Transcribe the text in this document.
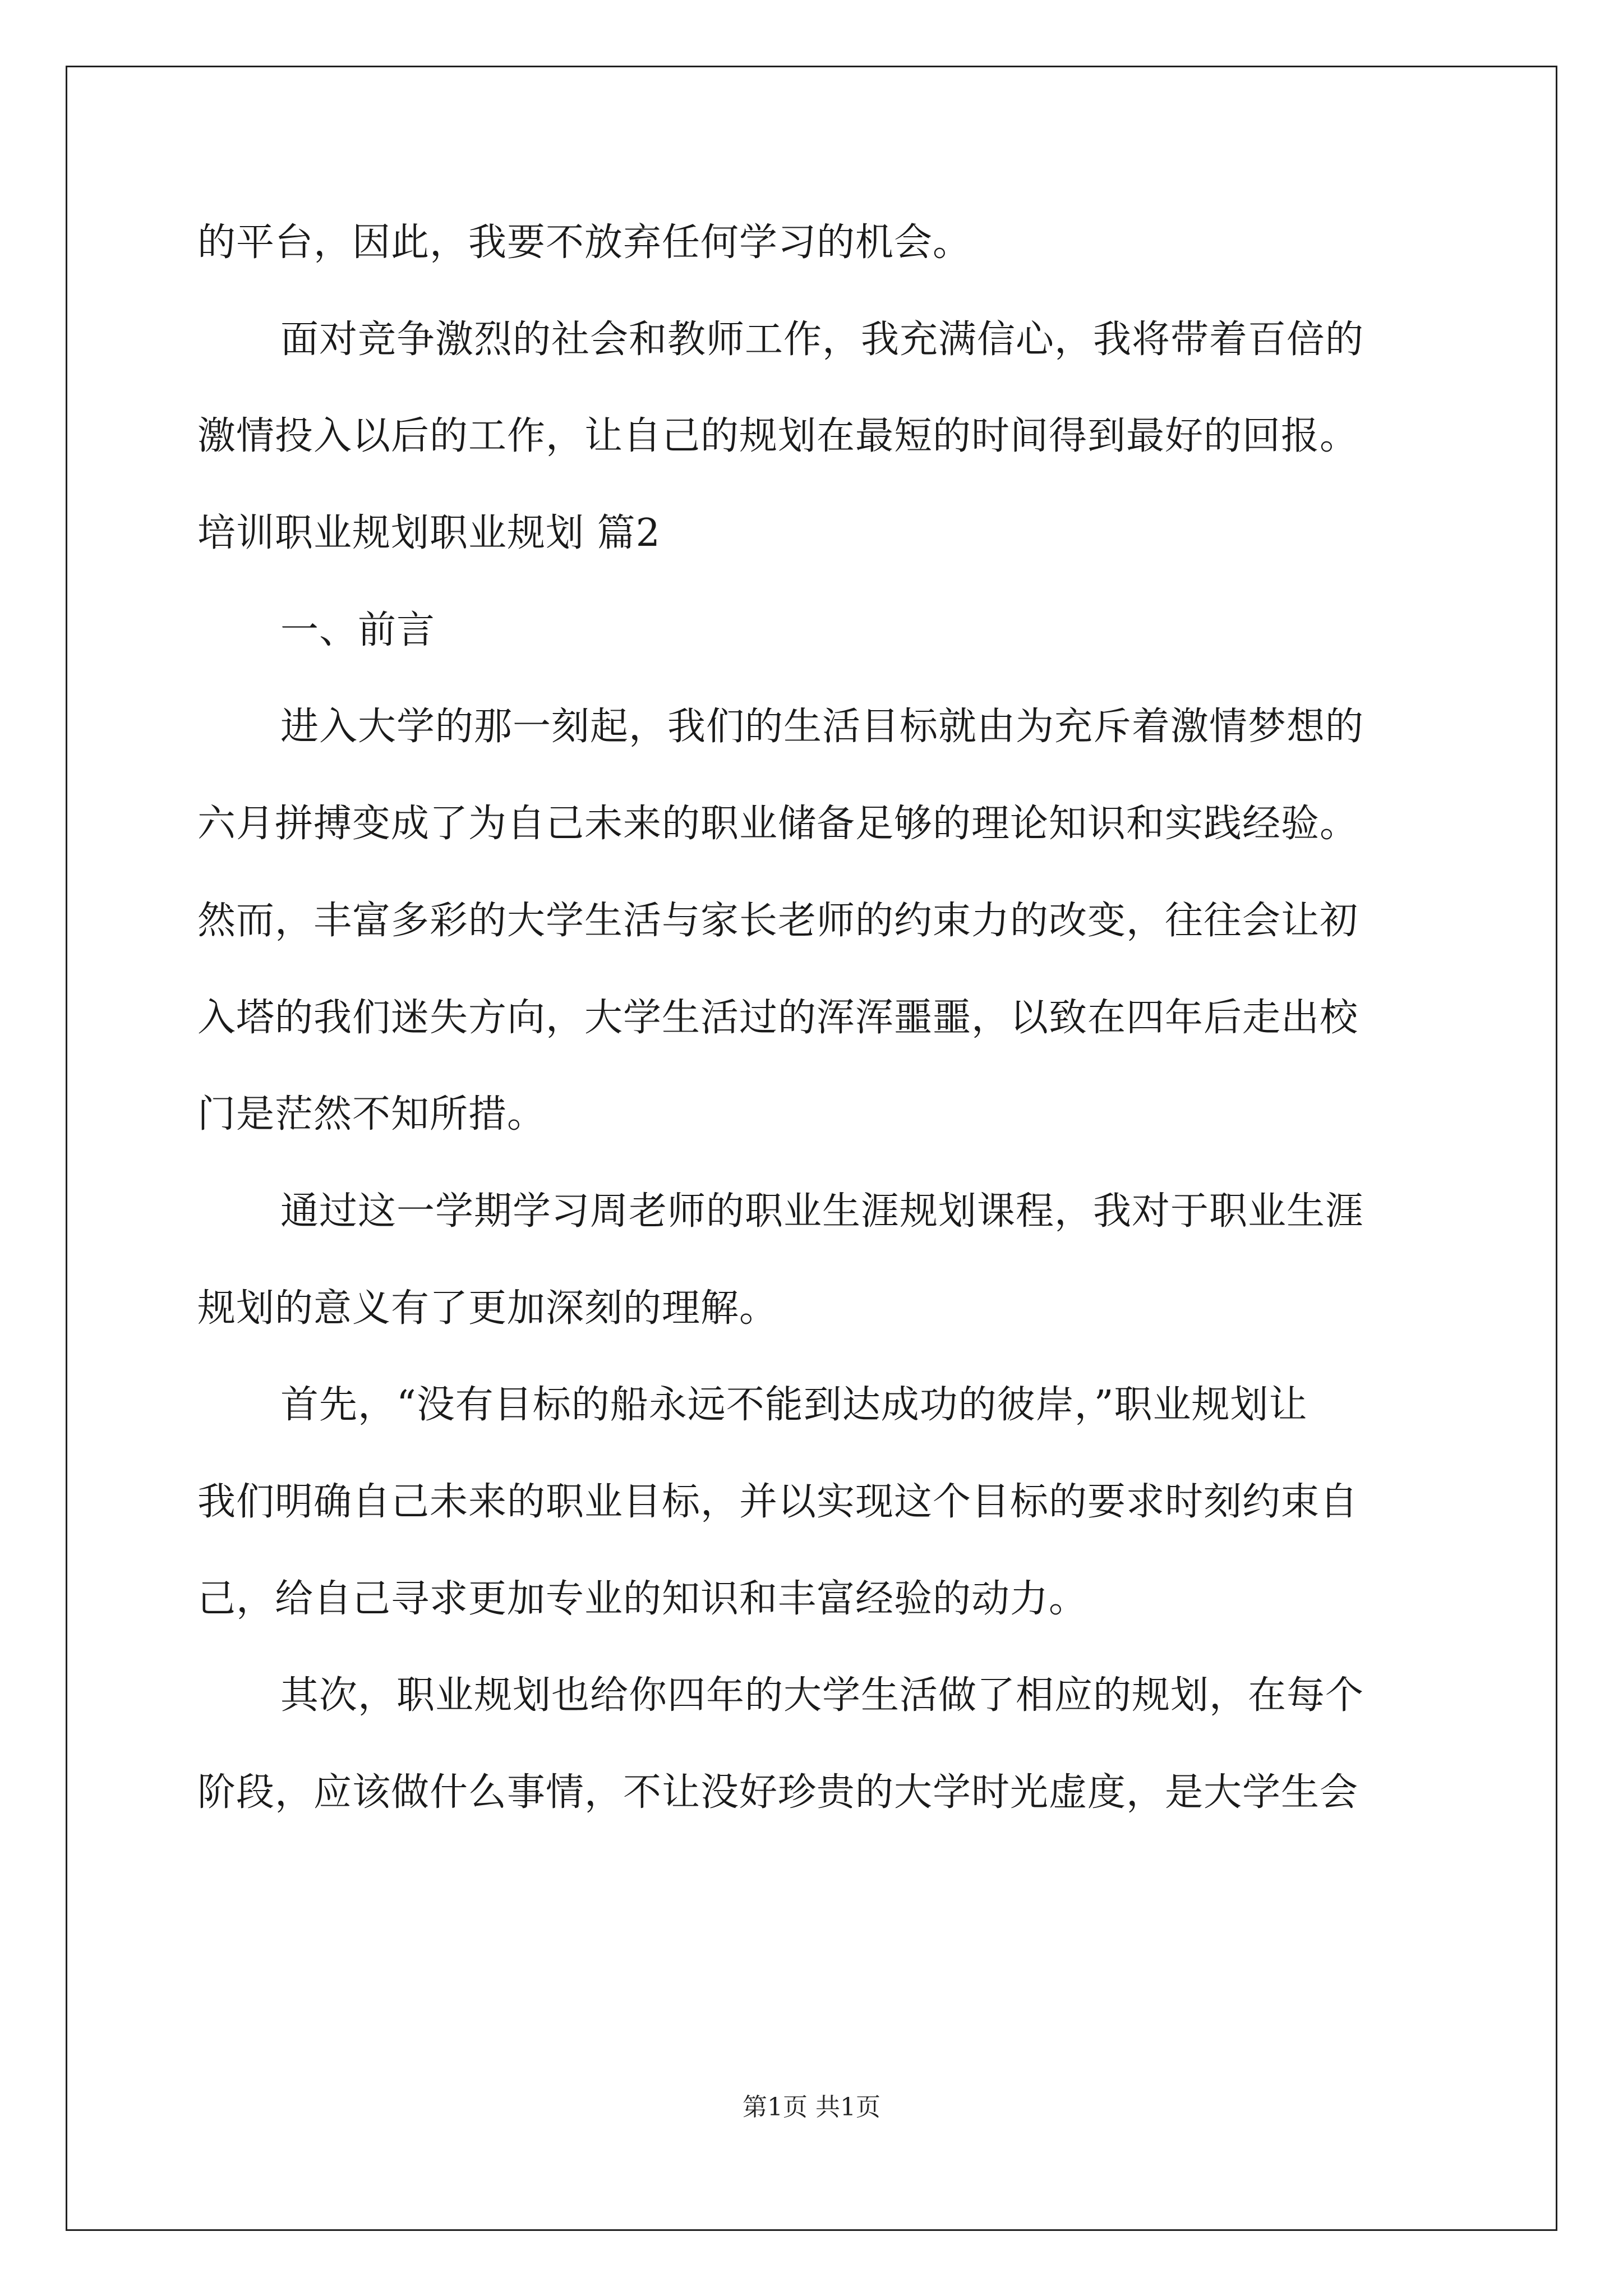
的平台，因此，我要不放弃任何学习的机会。
面对竞争激烈的社会和教师工作，我充满信心，我将带着百倍的
激情投入以后的工作，让自己的规划在最短的时间得到最好的回报。
培训职业规划职业规划 篇2
一、前言
进入大学的那一刻起，我们的生活目标就由为充斥着激情梦想的
六月拼搏变成了为自己未来的职业储备足够的理论知识和实践经验。
然而，丰富多彩的大学生活与家长老师的约束力的改变，往往会让初
入塔的我们迷失方向，大学生活过的浑浑噩噩，以致在四年后走出校
门是茫然不知所措。
通过这一学期学习周老师的职业生涯规划课程，我对于职业生涯
规划的意义有了更加深刻的理解。
首先，“没有目标的船永远不能到达成功的彼岸，”职业规划让
我们明确自己未来的职业目标，并以实现这个目标的要求时刻约束自
己，给自己寻求更加专业的知识和丰富经验的动力。
其次，职业规划也给你四年的大学生活做了相应的规划，在每个
阶段，应该做什么事情，不让没好珍贵的大学时光虚度，是大学生会
第1页 共1页
